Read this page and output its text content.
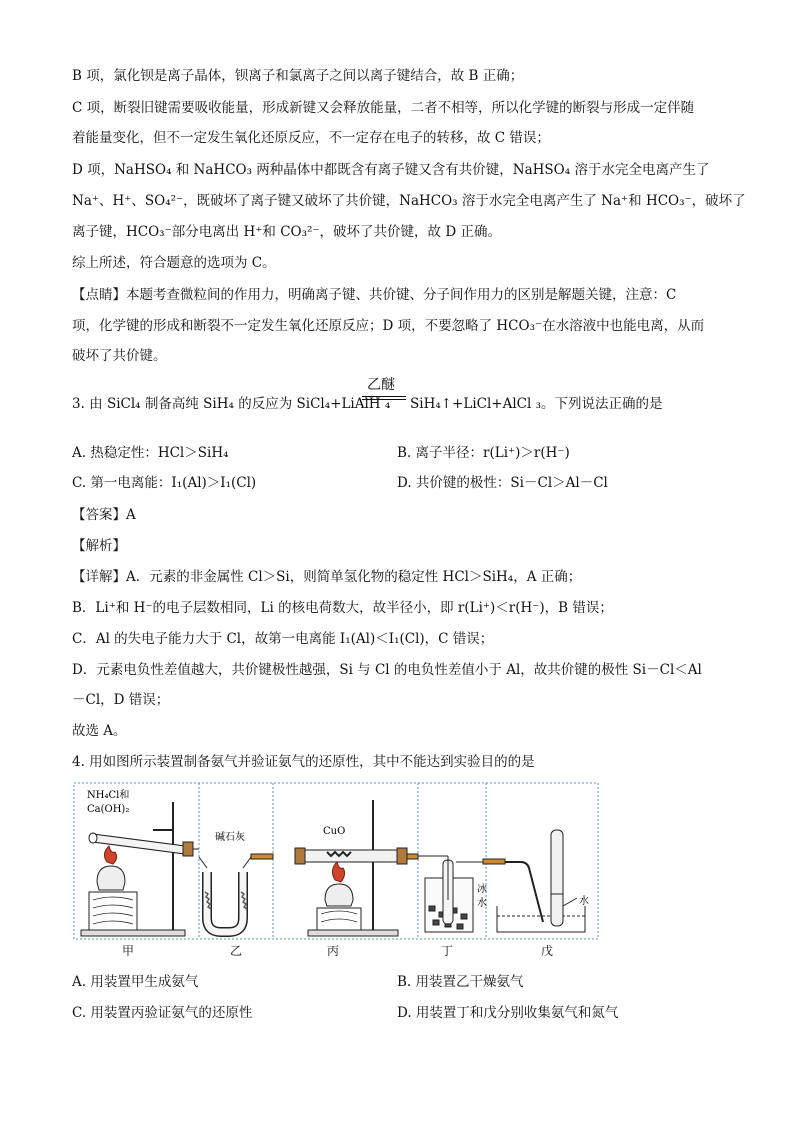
B 项，氯化钡是离子晶体，钡离子和氯离子之间以离子键结合，故 B 正确；
C 项，断裂旧键需要吸收能量，形成新键又会释放能量，二者不相等，所以化学键的断裂与形成一定伴随
着能量变化，但不一定发生氧化还原反应，不一定存在电子的转移，故 C 错误；
D 项，NaHSO₄ 和 NaHCO₃ 两种晶体中都既含有离子键又含有共价键，NaHSO₄ 溶于水完全电离产生了
Na⁺、H⁺、SO₄²⁻，既破坏了离子键又破坏了共价键，NaHCO₃ 溶于水完全电离产生了 Na⁺和 HCO₃⁻，破坏了
离子键，HCO₃⁻部分电离出 H⁺和 CO₃²⁻，破坏了共价键，故 D 正确。
综上所述，符合题意的选项为 C。
【点睛】本题考查微粒间的作用力，明确离子键、共价键、分子间作用力的区别是解题关键，注意：C
项，化学键的形成和断裂不一定发生氧化还原反应；D 项，不要忽略了 HCO₃⁻在水溶液中也能电离，从而
破坏了共价键。
乙醚
3. 由 SiCl₄ 制备高纯 SiH₄ 的反应为 SiCl₄+LiAlH ₄ SiH₄↑+LiCl+AlCl ₃。下列说法正确的是
A. 热稳定性：HCl＞SiH₄	B. 离子半径：r(Li⁺)＞r(H⁻)
C. 第一电离能：I₁(Al)＞I₁(Cl)	D. 共价键的极性：Si－Cl＞Al－Cl
【答案】A
【解析】
【详解】A．元素的非金属性 Cl＞Si，则简单氢化物的稳定性 HCl＞SiH₄，A 正确；
B．Li⁺和 H⁻的电子层数相同，Li 的核电荷数大，故半径小，即 r(Li⁺)＜r(H⁻)，B 错误；
C．Al 的失电子能力大于 Cl，故第一电离能 I₁(Al)＜I₁(Cl)，C 错误；
D．元素电负性差值越大，共价键极性越强，Si 与 Cl 的电负性差值小于 Al，故共价键的极性 Si－Cl＜Al
－Cl，D 错误；
故选 A。
4. 用如图所示装置制备氨气并验证氨气的还原性，其中不能达到实验目的的是
NH₄Cl和
Ca(OH)₂
碱石灰
CuO
冰
水	水
甲	乙	丙	丁	戊
A. 用装置甲生成氨气	B. 用装置乙干燥氨气
C. 用装置丙验证氨气的还原性	D. 用装置丁和戊分别收集氨气和氮气
